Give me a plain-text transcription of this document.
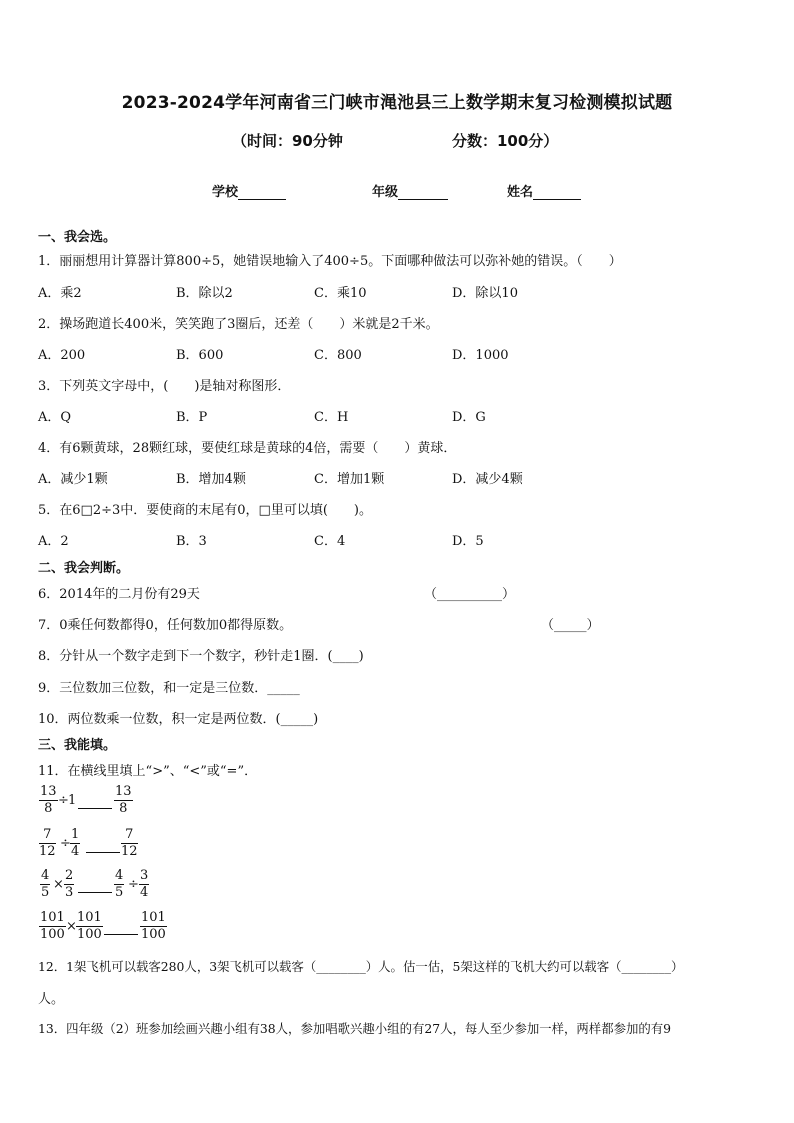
2023-2024学年河南省三门峡市渑池县三上数学期末复习检测模拟试题
（时间：90分钟	分数：100分）
学校	年级	姓名
一、我会选。
1．丽丽想用计算器计算800÷5，她错误地输入了400÷5。下面哪种做法可以弥补她的错误。（　　）
A．乘2	B．除以2	C．乘10	D．除以10
2．操场跑道长400米，笑笑跑了3圈后，还差（　　）米就是2千米。
A．200	B．600	C．800	D．1000
3．下列英文字母中，(　　)是轴对称图形．
A．Q	B．P	C．H	D．G
4．有6颗黄球，28颗红球，要使红球是黄球的4倍，需要（　　）黄球．
A．减少1颗	B．增加4颗	C．增加1颗	D．减少4颗
5．在6□2÷3中．要使商的末尾有0，□里可以填(　　)。
A．2	B．3	C．4	D．5
二、我会判断。
6．2014年的二月份有29天	（__________）
7．0乘任何数都得0，任何数加0都得原数。	（_____）
8．分针从一个数字走到下一个数字，秒针走1圈．(____)
9．三位数加三位数，和一定是三位数．_____
10．两位数乘一位数，积一定是两位数．(_____)
三、我能填。
11．在横线里填上“>”、“<”或“=”．
$\frac{13}{8} \div 1$	$\frac{13}{8}$
$\frac{7}{12} \div \frac{1}{4}$	$\frac{7}{12}$
$\frac{4}{5} \times \frac{2}{3}$	$\frac{4}{5} \div \frac{3}{4}$
$\frac{101}{100} \times \frac{101}{100}$	$\frac{101}{100}$
12．1架飞机可以载客280人，3架飞机可以载客（________）人。估一估，5架这样的飞机大约可以载客（________）
人。
13．四年级（2）班参加绘画兴趣小组有38人，参加唱歌兴趣小组的有27人，每人至少参加一样，两样都参加的有9
